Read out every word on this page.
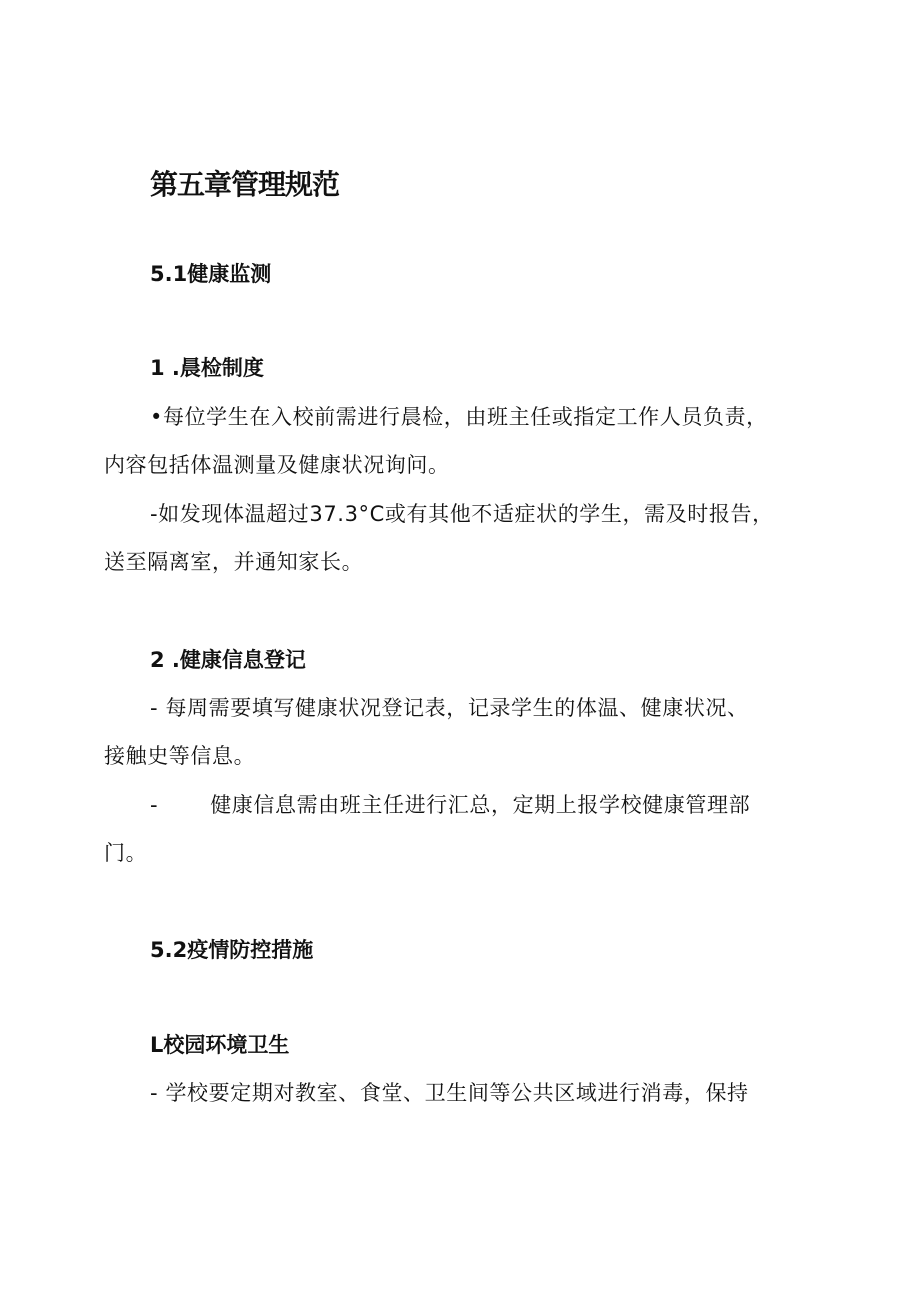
第五章管理规范
5.1健康监测
1 .晨检制度

•每位学生在入校前需进行晨检，由班主任或指定工作人员负责，

内容包括体温测量及健康状况询问。

-如发现体温超过37.3°C或有其他不适症状的学生，需及时报告，

送至隔离室，并通知家长。

2 .健康信息登记

- 每周需要填写健康状况登记表，记录学生的体温、健康状况、

接触史等信息。

- 健康信息需由班主任进行汇总，定期上报学校健康管理部

门。

5.2疫情防控措施
L校园环境卫生

- 学校要定期对教室、食堂、卫生间等公共区域进行消毒，保持
